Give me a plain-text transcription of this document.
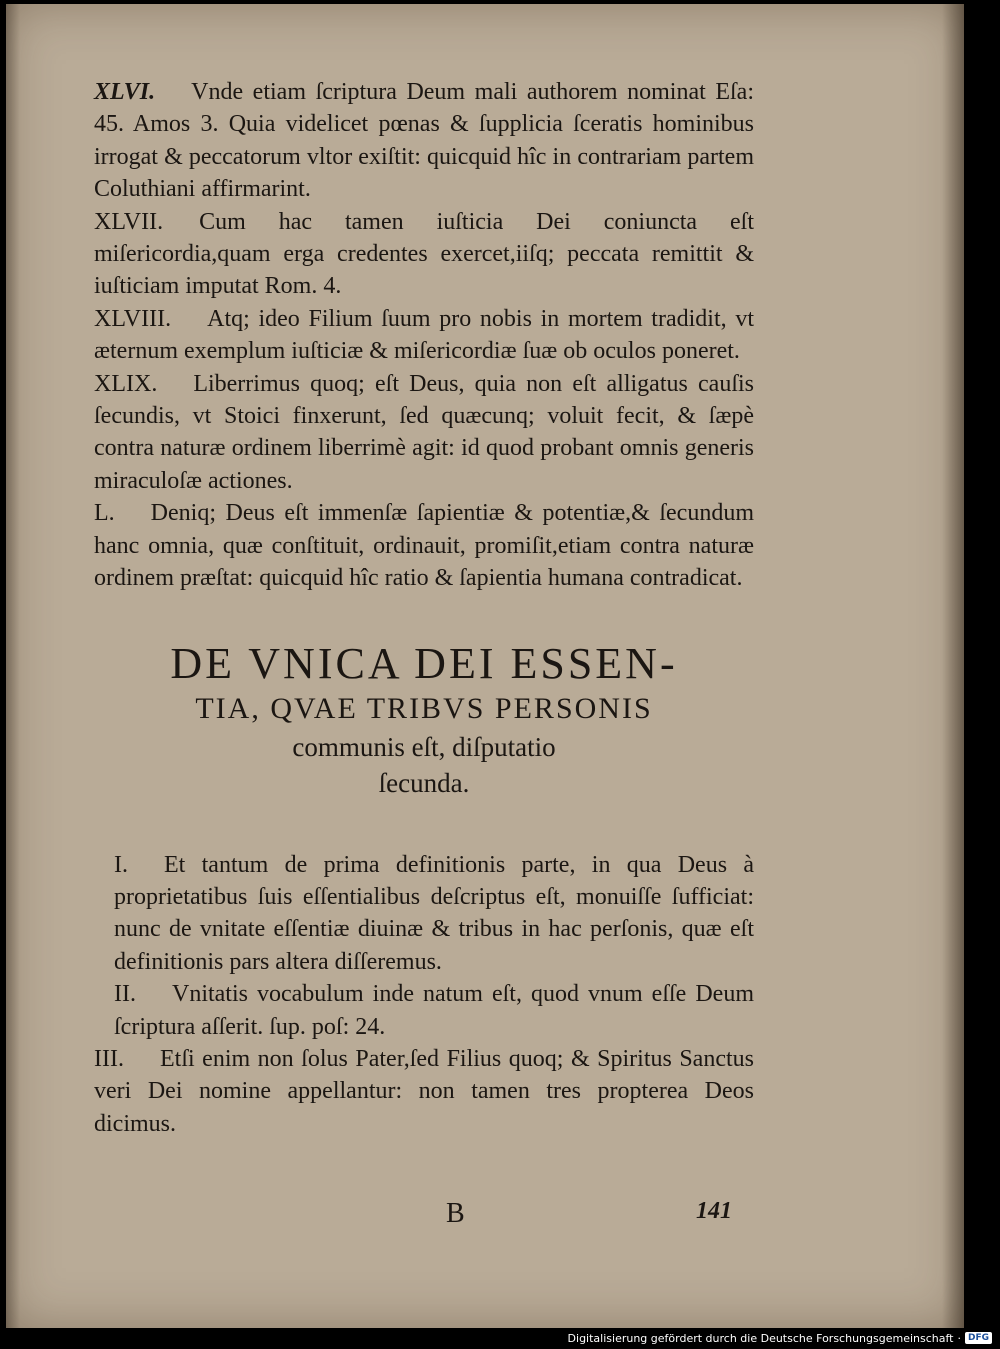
XLVI. Vnde etiam ſcriptura Deum mali authorem nominat Eſa: 45. Amos 3. Quia videlicet pœnas & ſupplicia ſceratis hominibus irrogat & peccatorum vltor exiſtit: quicquid hîc in contrariam partem Coluthiani affirmarint.

XLVII. Cum hac tamen iuſticia Dei coniuncta eſt miſericordia,quam erga credentes exercet,iiſq; peccata remittit & iuſticiam imputat Rom. 4.

XLVIII. Atq; ideo Filium ſuum pro nobis in mortem tradidit, vt æternum exemplum iuſticiæ & miſericordiæ ſuæ ob oculos poneret.

XLIX. Liberrimus quoq; eſt Deus, quia non eſt alligatus cauſis ſecundis, vt Stoici finxerunt, ſed quæcunq; voluit fecit, & ſæpè contra naturæ ordinem liberrimè agit: id quod probant omnis generis miraculoſæ actiones.

L. Deniq; Deus eſt immenſæ ſapientiæ & potentiæ,& ſecundum hanc omnia, quæ conſtituit, ordinauit, promiſit,etiam contra naturæ ordinem præſtat: quicquid hîc ratio & ſapientia humana contradicat.

DE VNICA DEI ESSEN-
TIA, QVAE TRIBVS PERSONIS
communis eſt, diſputatio
ſecunda.

I. Et tantum de prima definitionis parte, in qua Deus à proprietatibus ſuis eſſentialibus deſcriptus eſt, monuiſſe ſufficiat: nunc de vnitate eſſentiæ diuinæ & tribus in hac perſonis, quæ eſt definitionis pars altera diſſeremus.

II. Vnitatis vocabulum inde natum eſt, quod vnum eſſe Deum ſcriptura aſſerit. ſup. poſ: 24.

III. Etſi enim non ſolus Pater,ſed Filius quoq; & Spiritus Sanctus veri Dei nomine appellantur: non tamen tres propterea Deos dicimus.

B	141
Digitalisierung gefördert durch die Deutsche Forschungsgemeinschaft · DFG
